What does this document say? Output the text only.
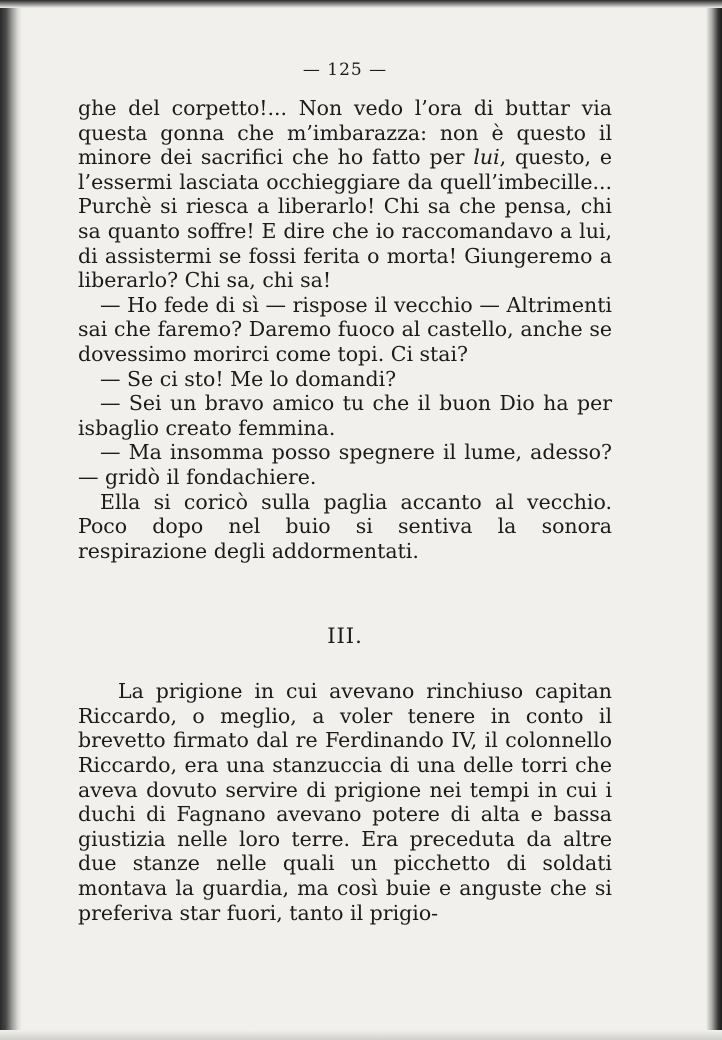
— 125 —

ghe del corpetto!... Non vedo l’ora di buttar via questa gonna che m’imbarazza: non è questo il minore dei sacrifici che ho fatto per lui, questo, e l’essermi lasciata occhieggiare da quell’imbecille... Purchè si riesca a liberarlo! Chi sa che pensa, chi sa quanto soffre! E dire che io raccomandavo a lui, di assistermi se fossi ferita o morta! Giungeremo a liberarlo? Chi sa, chi sa!

— Ho fede di sì — rispose il vecchio — Altrimenti sai che faremo? Daremo fuoco al castello, anche se dovessimo morirci come topi. Ci stai?

— Se ci sto! Me lo domandi?

— Sei un bravo amico tu che il buon Dio ha per isbaglio creato femmina.

— Ma insomma posso spegnere il lume, adesso? — gridò il fondachiere.

Ella si coricò sulla paglia accanto al vecchio. Poco dopo nel buio si sentiva la sonora respirazione degli addormentati.

III.

La prigione in cui avevano rinchiuso capitan Riccardo, o meglio, a voler tenere in conto il brevetto firmato dal re Ferdinando IV, il colonnello Riccardo, era una stanzuccia di una delle torri che aveva dovuto servire di prigione nei tempi in cui i duchi di Fagnano avevano potere di alta e bassa giustizia nelle loro terre. Era preceduta da altre due stanze nelle quali un picchetto di soldati montava la guardia, ma così buie e anguste che si preferiva star fuori, tanto il prigio-
